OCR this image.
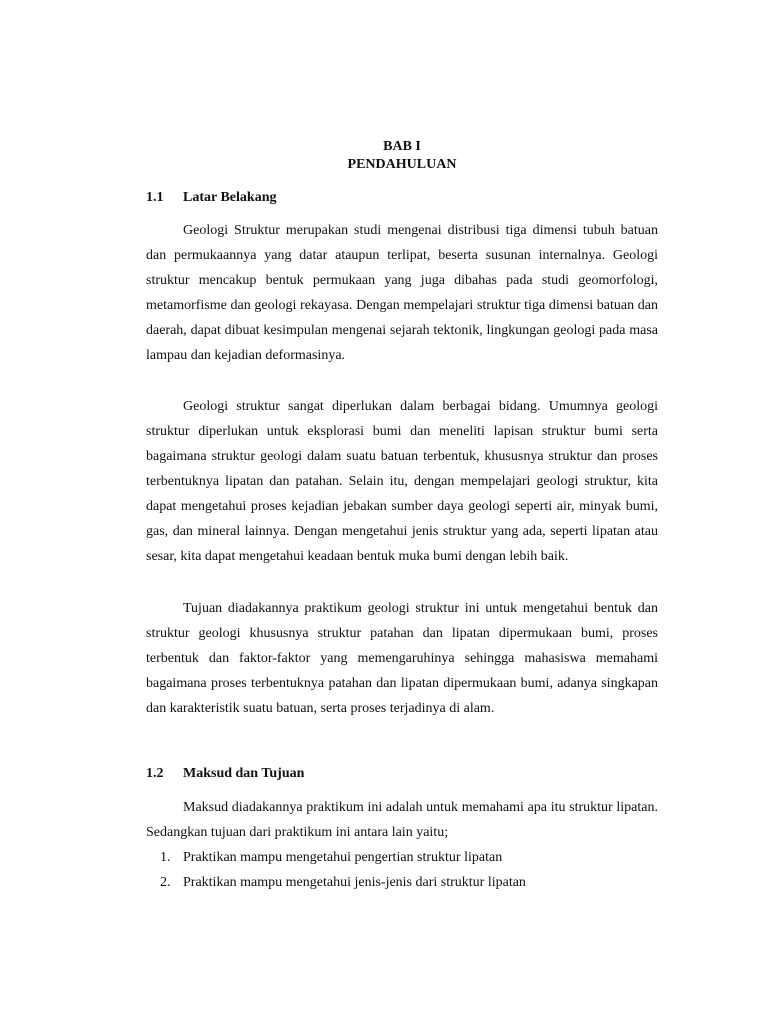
BAB I
PENDAHULUAN
1.1 Latar Belakang

Geologi Struktur merupakan studi mengenai distribusi tiga dimensi tubuh batuan dan permukaannya yang datar ataupun terlipat, beserta susunan internalnya. Geologi struktur mencakup bentuk permukaan yang juga dibahas pada studi geomorfologi, metamorfisme dan geologi rekayasa. Dengan mempelajari struktur tiga dimensi batuan dan daerah, dapat dibuat kesimpulan mengenai sejarah tektonik, lingkungan geologi pada masa lampau dan kejadian deformasinya.

Geologi struktur sangat diperlukan dalam berbagai bidang. Umumnya geologi struktur diperlukan untuk eksplorasi bumi dan meneliti lapisan struktur bumi serta bagaimana struktur geologi dalam suatu batuan terbentuk, khususnya struktur dan proses terbentuknya lipatan dan patahan. Selain itu, dengan mempelajari geologi struktur, kita dapat mengetahui proses kejadian jebakan sumber daya geologi seperti air, minyak bumi, gas, dan mineral lainnya. Dengan mengetahui jenis struktur yang ada, seperti lipatan atau sesar, kita dapat mengetahui keadaan bentuk muka bumi dengan lebih baik.

Tujuan diadakannya praktikum geologi struktur ini untuk mengetahui bentuk dan struktur geologi khususnya struktur patahan dan lipatan dipermukaan bumi, proses terbentuk dan faktor-faktor yang memengaruhinya sehingga mahasiswa memahami bagaimana proses terbentuknya patahan dan lipatan dipermukaan bumi, adanya singkapan dan karakteristik suatu batuan, serta proses terjadinya di alam.

1.2 Maksud dan Tujuan

Maksud diadakannya praktikum ini adalah untuk memahami apa itu struktur lipatan. Sedangkan tujuan dari praktikum ini antara lain yaitu;

1. Praktikan mampu mengetahui pengertian struktur lipatan
2. Praktikan mampu mengetahui jenis-jenis dari struktur lipatan
